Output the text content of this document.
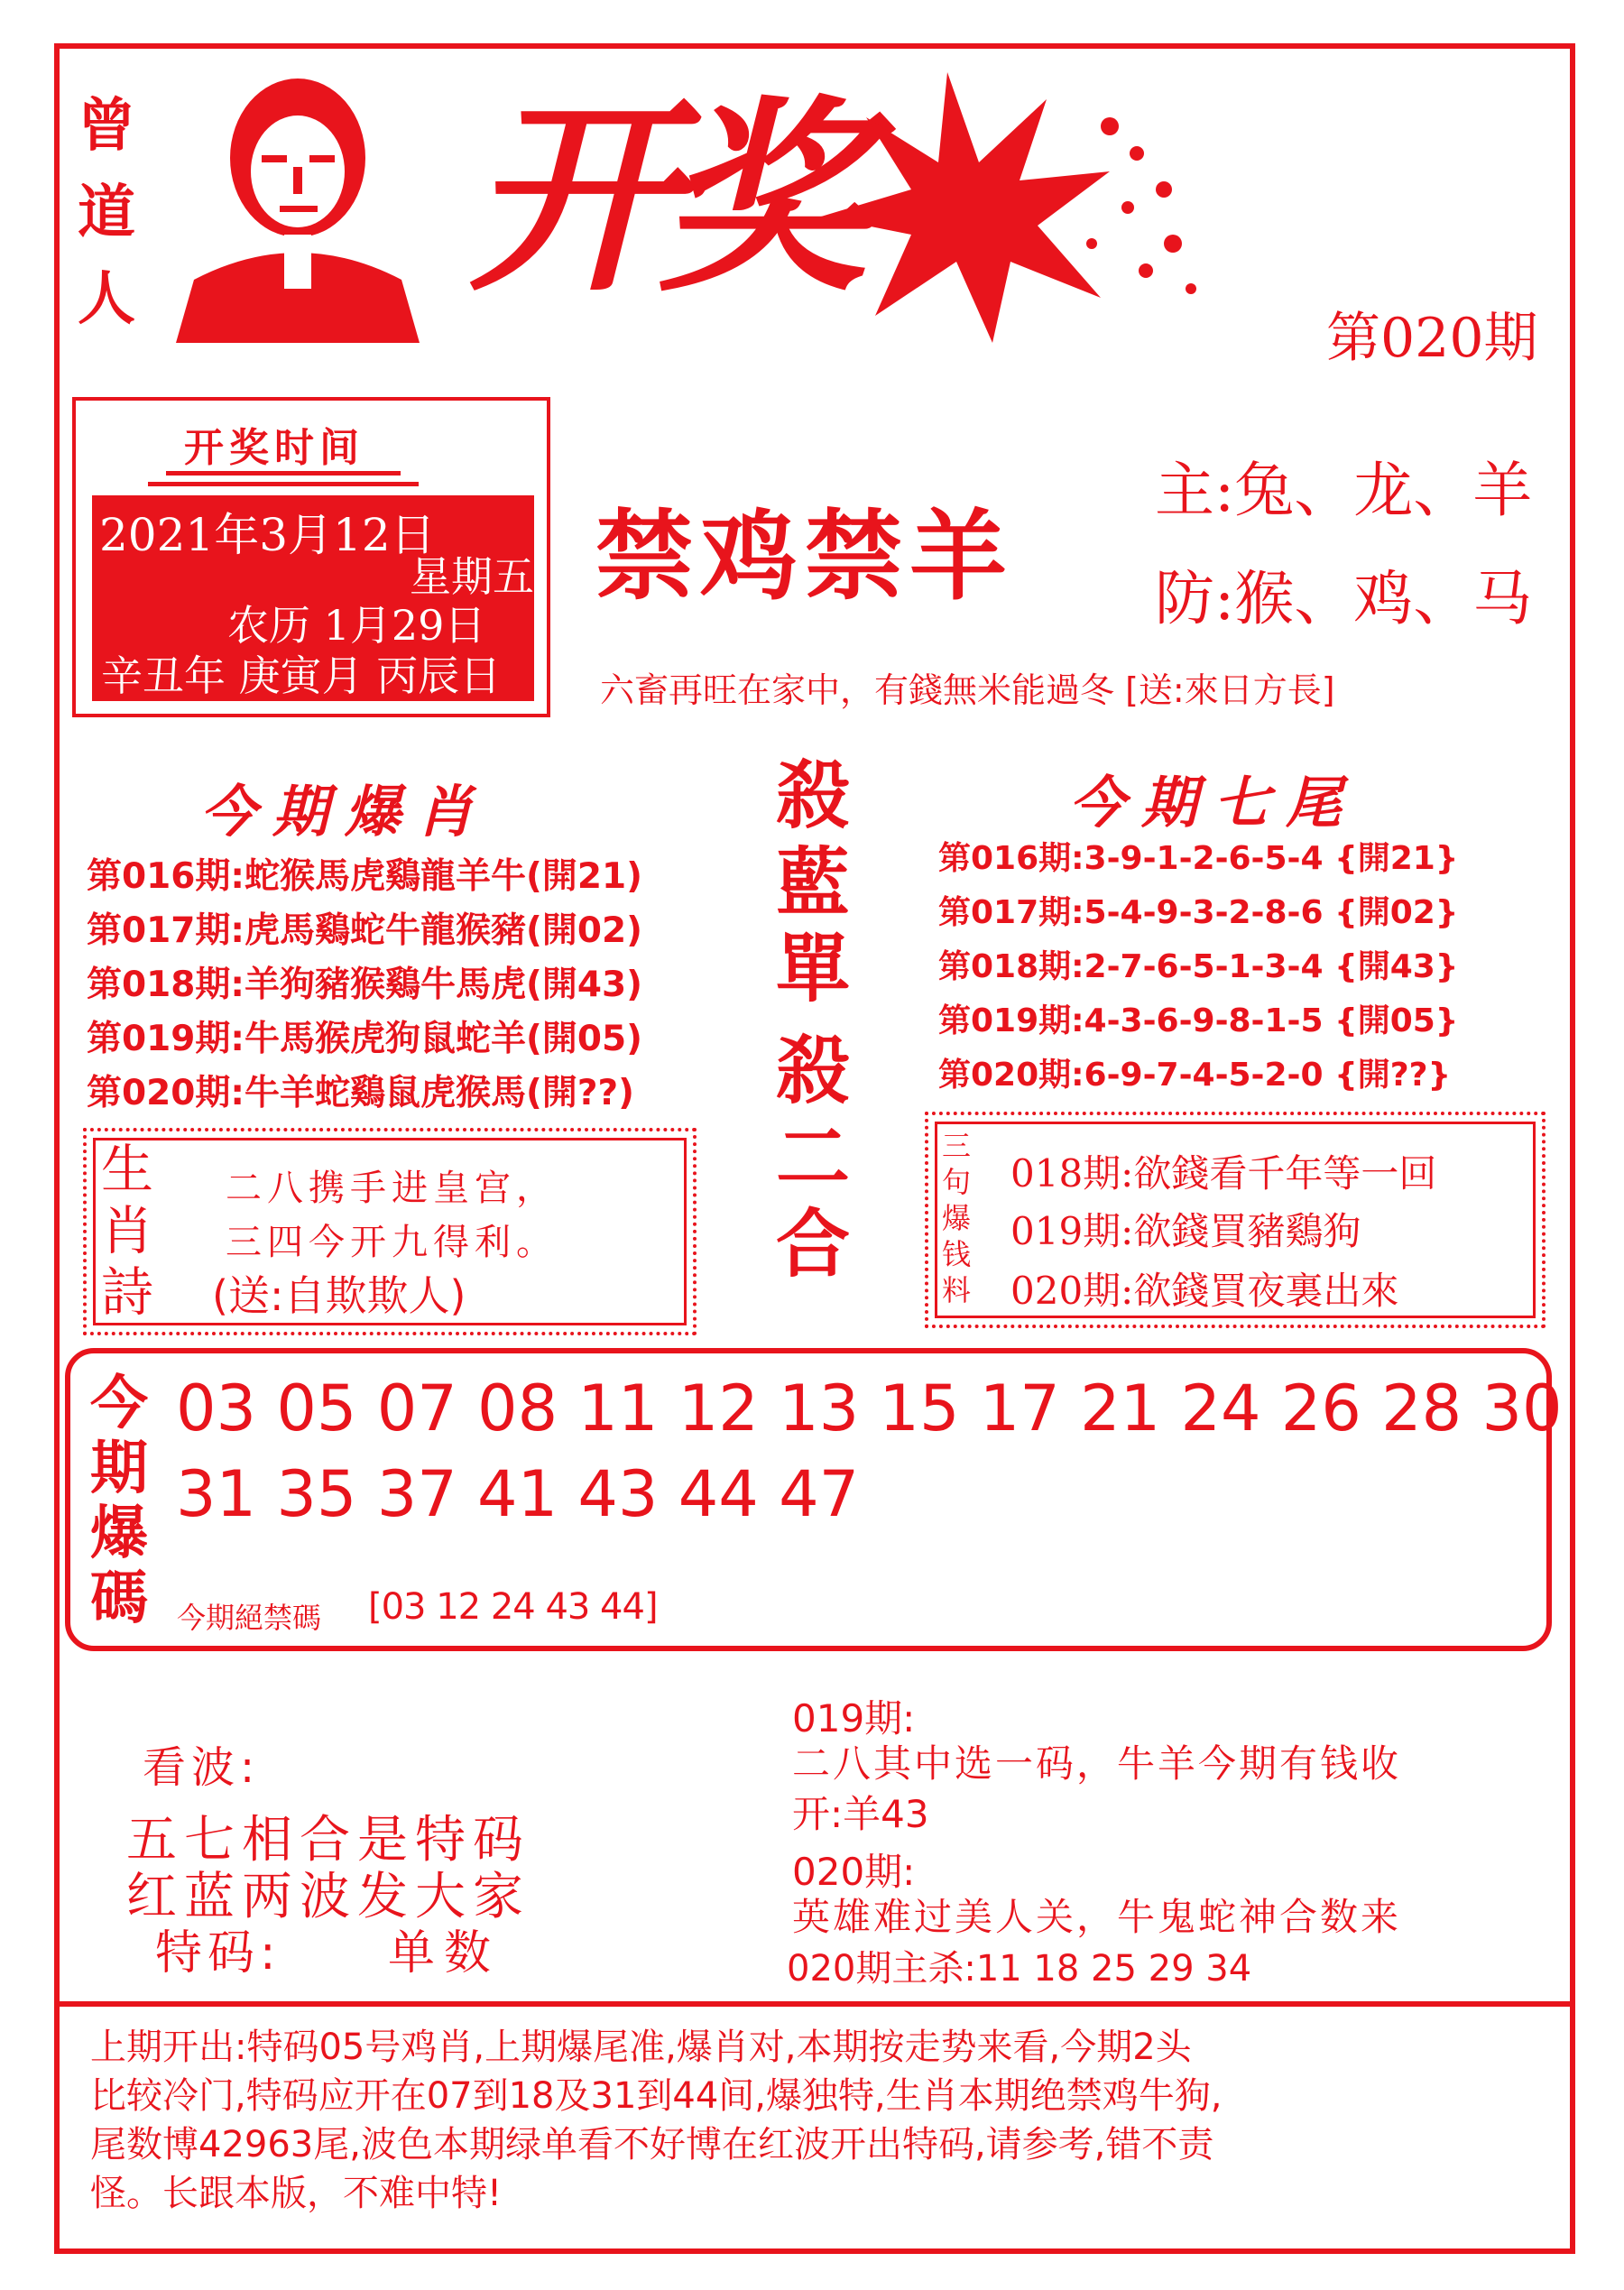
曾
道
人 开奖
第020期
开奖时间
2021年3月12日
星期五
农历 1月29日
辛丑年 庚寅月 丙辰日
禁鸡禁羊
主:兔、龙、羊
防:猴、鸡、马
六畜再旺在家中，有錢無米能過冬 [送:來日方長]
今期爆肖
第016期:蛇猴馬虎鷄龍羊牛(開21)
第017期:虎馬鷄蛇牛龍猴豬(開02)
第018期:羊狗豬猴鷄牛馬虎(開43)
第019期:牛馬猴虎狗鼠蛇羊(開05)
第020期:牛羊蛇鷄鼠虎猴馬(開??)
殺
藍
單
殺
二
合
今期七尾
第016期:3-9-1-2-6-5-4 {開21}
第017期:5-4-9-3-2-8-6 {開02}
第018期:2-7-6-5-1-3-4 {開43}
第019期:4-3-6-9-8-1-5 {開05}
第020期:6-9-7-4-5-2-0 {開??}
生
肖
詩
二八携手进皇宫，
三四今开九得利。
(送:自欺欺人)
三
句
爆
钱
料
018期:欲錢看千年等一回
019期:欲錢買豬鷄狗
020期:欲錢買夜裏出來
今
期
爆
碼
03 05 07 08 11 12 13 15 17 21 24 26 28 30
31 35 37 41 43 44 47
今期絕禁碼 [03 12 24 43 44]
看波:
五七相合是特码
红蓝两波发大家
特码: 单数
019期:
二八其中选一码，牛羊今期有钱收
开:羊43
020期:
英雄难过美人关，牛鬼蛇神合数来
020期主杀:11 18 25 29 34
上期开出:特码05号鸡肖,上期爆尾准,爆肖对,本期按走势来看,今期2头
比较冷门,特码应开在07到18及31到44间,爆独特,生肖本期绝禁鸡牛狗,
尾数博42963尾,波色本期绿单看不好博在红波开出特码,请参考,错不责
怪。长跟本版，不难中特!
